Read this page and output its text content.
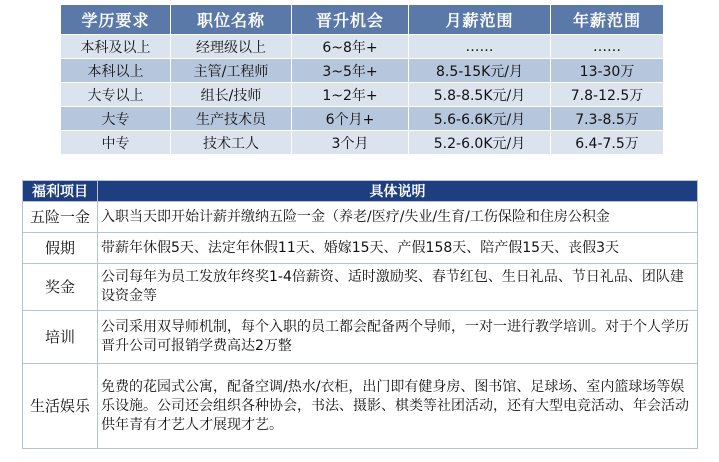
学历要求	职位名称	晋升机会	月薪范围	年薪范围
本科及以上	经理级以上	6~8年+	……	……
本科以上	主管/工程师	3~5年+	8.5-15K元/月	13-30万
大专以上	组长/技师	1~2年+	5.8-8.5K元/月	7.8-12.5万
大专	生产技术员	6个月+	5.6-6.6K元/月	7.3-8.5万
中专	技术工人	3个月	5.2-6.0K元/月	6.4-7.5万
福利项目	具体说明
五险一金	入职当天即开始计薪并缴纳五险一金（养老/医疗/失业/生育/工伤保险和住房公积金
假期	带薪年休假5天、法定年休假11天、婚嫁15天、产假158天、陪产假15天、丧假3天
奖金	公司每年为员工发放年终奖1-4倍薪资、适时激励奖、春节红包、生日礼品、节日礼品、团队建设资金等
培训	公司采用双导师机制，每个入职的员工都会配备两个导师，一对一进行教学培训。对于个人学历晋升公司可报销学费高达2万整
生活娱乐	免费的花园式公寓，配备空调/热水/衣柜，出门即有健身房、图书馆、足球场、室内篮球场等娱乐设施。公司还会组织各种协会，书法、摄影、棋类等社团活动，还有大型电竞活动、年会活动供年青有才艺人才展现才艺。
